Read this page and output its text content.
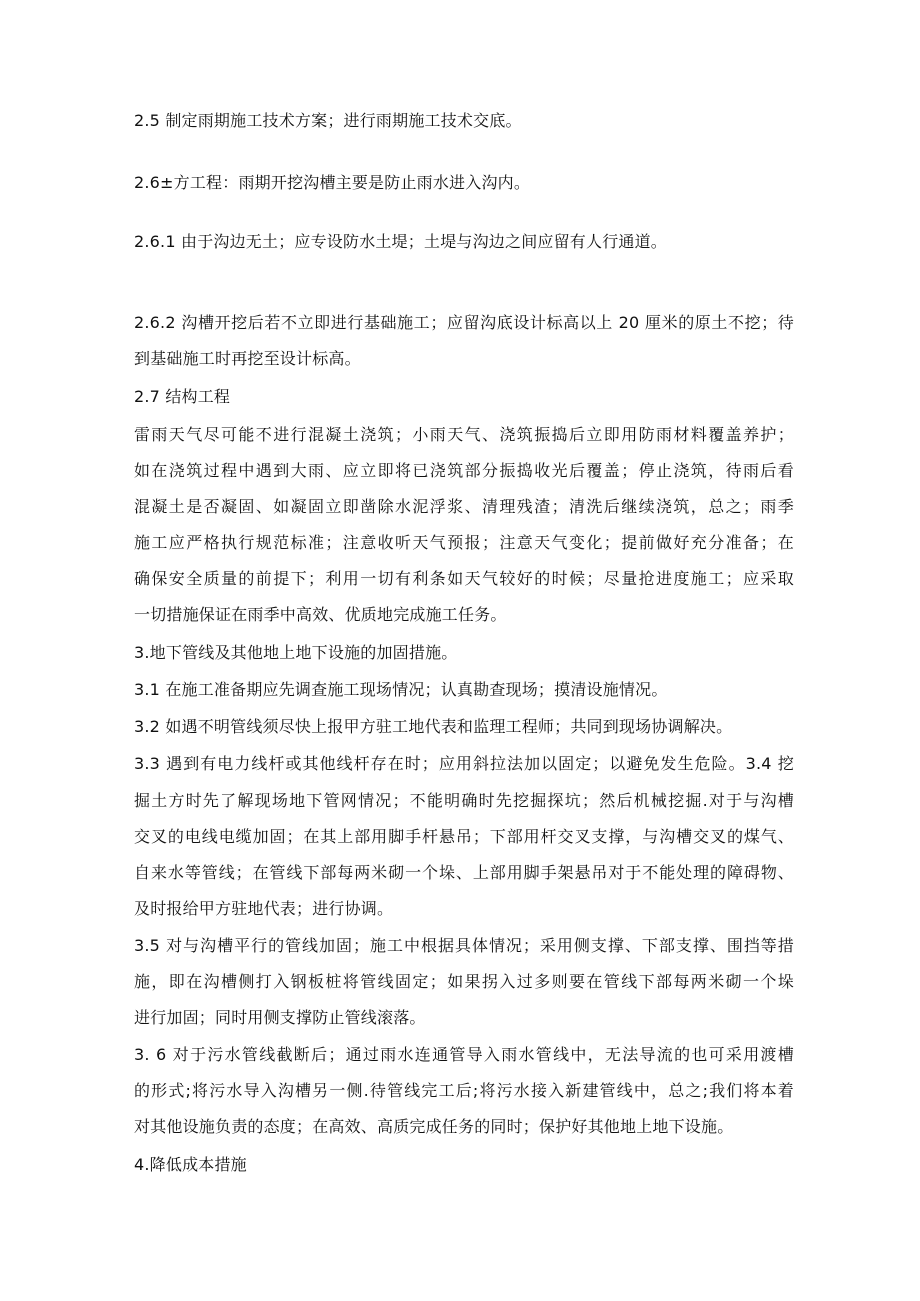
2.5 制定雨期施工技术方案；进行雨期施工技术交底。
2.6±方工程：雨期开挖沟槽主要是防止雨水进入沟内。
2.6.1 由于沟边无土；应专设防水土堤；土堤与沟边之间应留有人行通道。
2.6.2 沟槽开挖后若不立即进行基础施工；应留沟底设计标高以上 20 厘米的原土不挖；待
到基础施工时再挖至设计标高。
2.7 结构工程
雷雨天气尽可能不进行混凝土浇筑；小雨天气、浇筑振捣后立即用防雨材料覆盖养护；
如在浇筑过程中遇到大雨、应立即将已浇筑部分振捣收光后覆盖；停止浇筑，待雨后看
混凝土是否凝固、如凝固立即凿除水泥浮浆、清理残渣；清洗后继续浇筑，总之；雨季
施工应严格执行规范标准；注意收听天气预报；注意天气变化；提前做好充分准备；在
确保安全质量的前提下；利用一切有利条如天气较好的时候；尽量抢进度施工；应采取
一切措施保证在雨季中高效、优质地完成施工任务。
3.地下管线及其他地上地下设施的加固措施。
3.1 在施工准备期应先调查施工现场情况；认真勘查现场；摸清设施情况。
3.2 如遇不明管线须尽快上报甲方驻工地代表和监理工程师；共同到现场协调解决。
3.3 遇到有电力线杆或其他线杆存在时；应用斜拉法加以固定；以避免发生危险。3.4 挖
掘土方时先了解现场地下管网情况；不能明确时先挖掘探坑；然后机械挖掘.对于与沟槽
交叉的电线电缆加固；在其上部用脚手杆悬吊；下部用杆交叉支撑，与沟槽交叉的煤气、
自来水等管线；在管线下部每两米砌一个垛、上部用脚手架悬吊对于不能处理的障碍物、
及时报给甲方驻地代表；进行协调。
3.5 对与沟槽平行的管线加固；施工中根据具体情况；采用侧支撑、下部支撑、围挡等措
施，即在沟槽侧打入钢板桩将管线固定；如果拐入过多则要在管线下部每两米砌一个垛
进行加固；同时用侧支撑防止管线滚落。
3. 6 对于污水管线截断后；通过雨水连通管导入雨水管线中，无法导流的也可采用渡槽
的形式;将污水导入沟槽另一侧.待管线完工后;将污水接入新建管线中，总之;我们将本着
对其他设施负责的态度；在高效、高质完成任务的同时；保护好其他地上地下设施。
4.降低成本措施
